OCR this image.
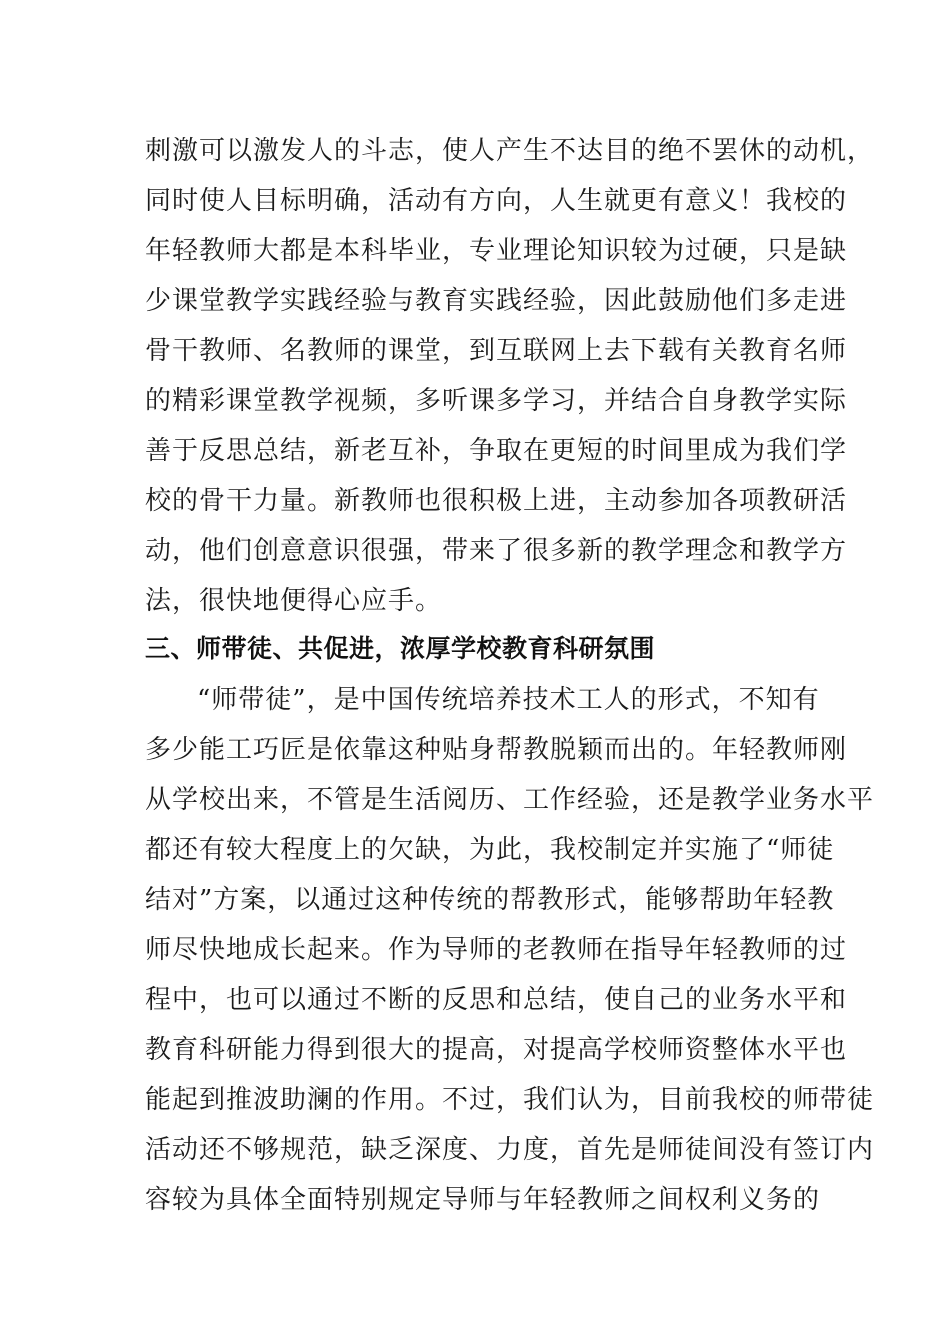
刺激可以激发人的斗志，使人产生不达目的绝不罢休的动机，
同时使人目标明确，活动有方向，人生就更有意义！我校的
年轻教师大都是本科毕业，专业理论知识较为过硬，只是缺
少课堂教学实践经验与教育实践经验，因此鼓励他们多走进
骨干教师、名教师的课堂，到互联网上去下载有关教育名师
的精彩课堂教学视频，多听课多学习，并结合自身教学实际
善于反思总结，新老互补，争取在更短的时间里成为我们学
校的骨干力量。新教师也很积极上进，主动参加各项教研活
动，他们创意意识很强，带来了很多新的教学理念和教学方
法，很快地便得心应手。
三、师带徒、共促进，浓厚学校教育科研氛围
“师带徒”，是中国传统培养技术工人的形式，不知有
多少能工巧匠是依靠这种贴身帮教脱颖而出的。年轻教师刚
从学校出来，不管是生活阅历、工作经验，还是教学业务水平
都还有较大程度上的欠缺，为此，我校制定并实施了“师徒
结对”方案，以通过这种传统的帮教形式，能够帮助年轻教
师尽快地成长起来。作为导师的老教师在指导年轻教师的过
程中，也可以通过不断的反思和总结，使自己的业务水平和
教育科研能力得到很大的提高，对提高学校师资整体水平也
能起到推波助澜的作用。不过，我们认为，目前我校的师带徒
活动还不够规范，缺乏深度、力度，首先是师徒间没有签订内
容较为具体全面特别规定导师与年轻教师之间权利义务的
